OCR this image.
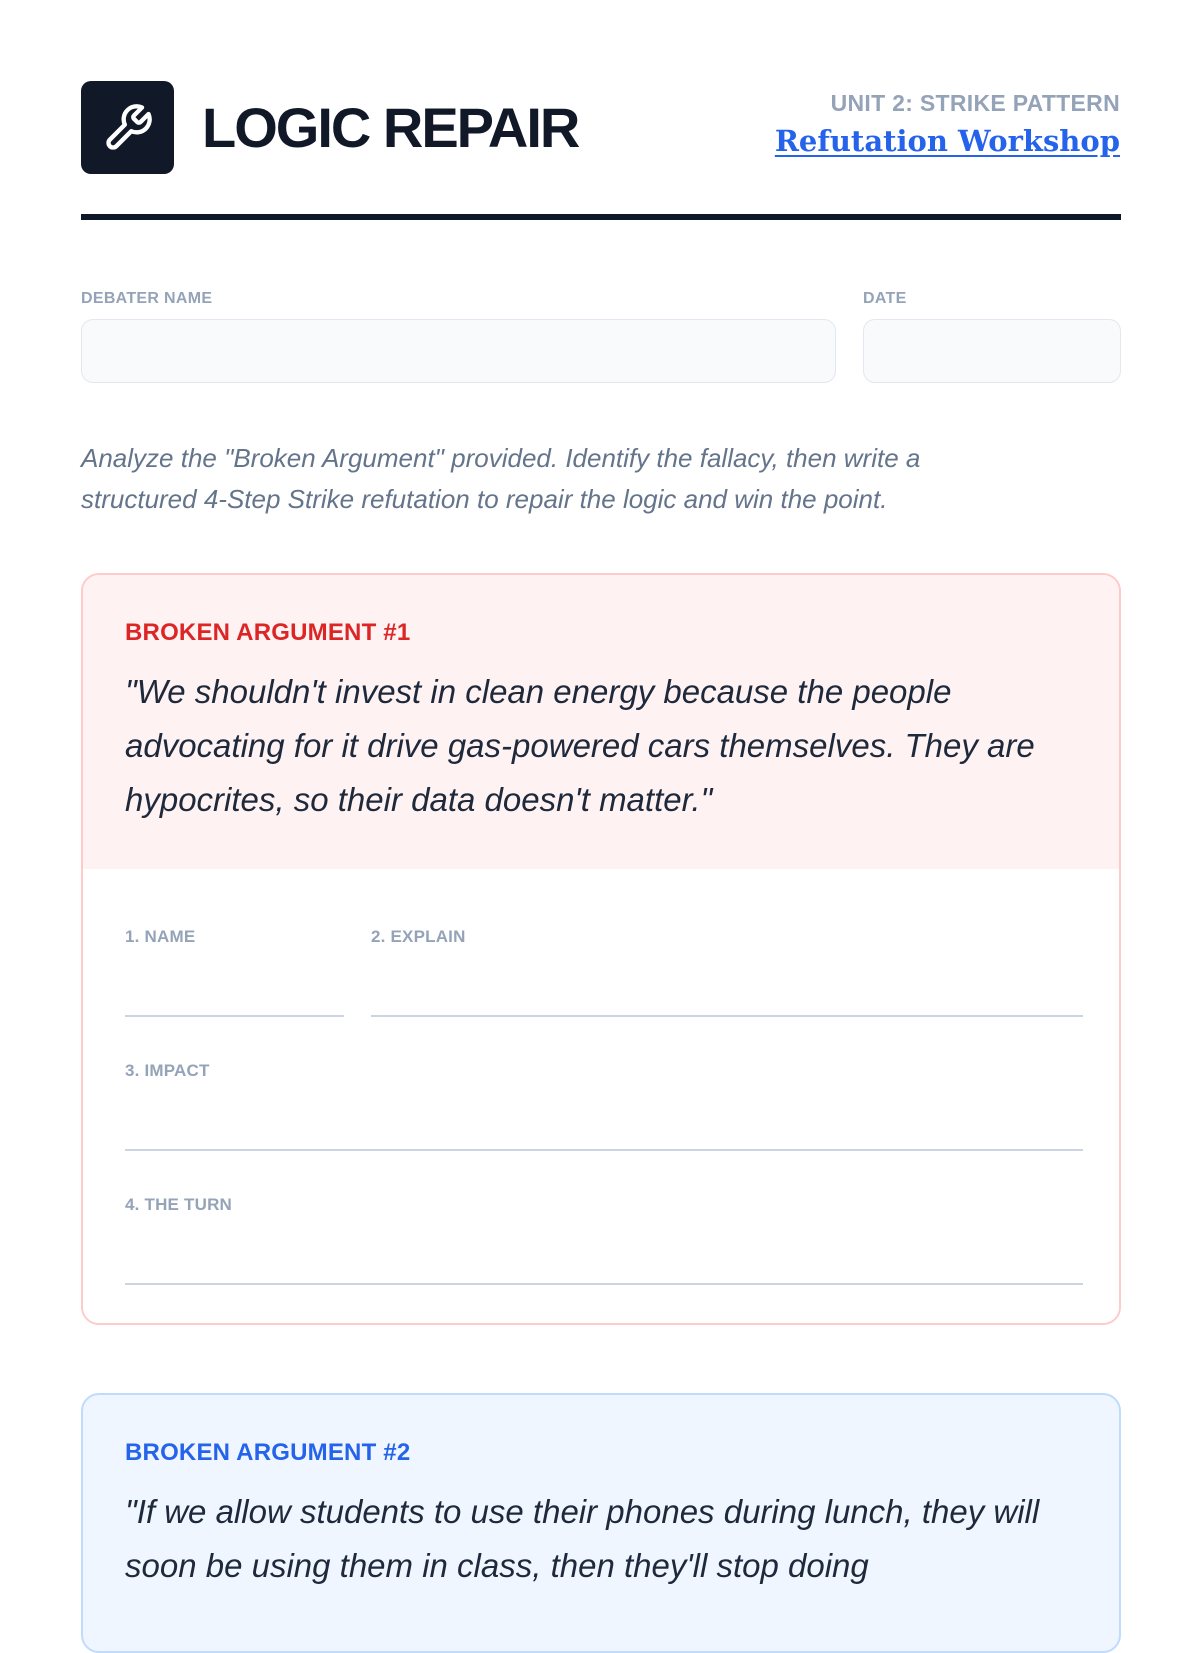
LOGIC REPAIR	UNIT 2: STRIKE PATTERN
Refutation Workshop
DEBATER NAME	DATE
Analyze the "Broken Argument" provided. Identify the fallacy, then write a structured 4-Step Strike refutation to repair the logic and win the point.
BROKEN ARGUMENT #1
"We shouldn't invest in clean energy because the people advocating for it drive gas-powered cars themselves. They are hypocrites, so their data doesn't matter."
1. NAME	2. EXPLAIN
3. IMPACT
4. THE TURN
BROKEN ARGUMENT #2
"If we allow students to use their phones during lunch, they will soon be using them in class, then they'll stop doing
